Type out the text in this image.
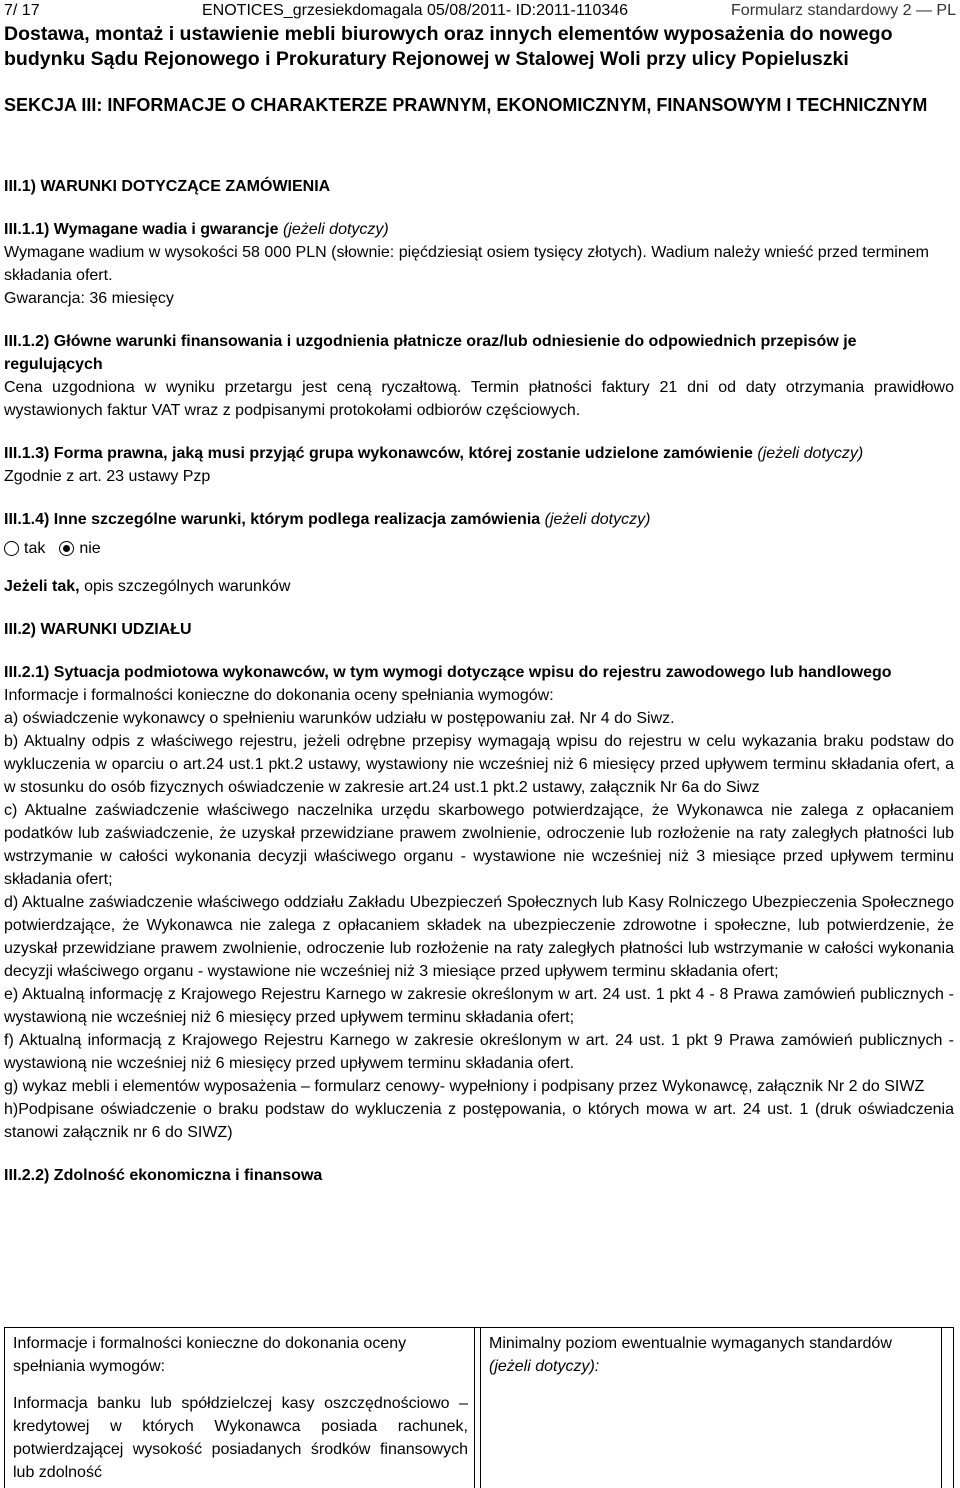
7/ 17	ENOTICES_grzesiekdomagala 05/08/2011- ID:2011-110346	Formularz standardowy 2 — PL
Dostawa, montaż i ustawienie mebli biurowych oraz innych elementów wyposażenia do nowego budynku Sądu Rejonowego i Prokuratury Rejonowej w Stalowej Woli przy ulicy Popieluszki
SEKCJA III: INFORMACJE O CHARAKTERZE PRAWNYM, EKONOMICZNYM, FINANSOWYM I TECHNICZNYM

III.1) WARUNKI DOTYCZĄCE ZAMÓWIENIA

III.1.1) Wymagane wadia i gwarancje (jeżeli dotyczy)

Wymagane wadium w wysokości 58 000 PLN (słownie: pięćdziesiąt osiem tysięcy złotych). Wadium należy wnieść przed terminem składania ofert.

Gwarancja: 36 miesięcy

III.1.2) Główne warunki finansowania i uzgodnienia płatnicze oraz/lub odniesienie do odpowiednich przepisów je regulujących

Cena uzgodniona w wyniku przetargu jest ceną ryczałtową. Termin płatności faktury 21 dni od daty otrzymania prawidłowo wystawionych faktur VAT wraz z podpisanymi protokołami odbiorów częściowych.

III.1.3) Forma prawna, jaką musi przyjąć grupa wykonawców, której zostanie udzielone zamówienie (jeżeli dotyczy)

Zgodnie z art. 23 ustawy Pzp

III.1.4) Inne szczególne warunki, którym podlega realizacja zamówienia (jeżeli dotyczy)

tak nie

Jeżeli tak, opis szczególnych warunków

III.2) WARUNKI UDZIAŁU

III.2.1) Sytuacja podmiotowa wykonawców, w tym wymogi dotyczące wpisu do rejestru zawodowego lub handlowego

Informacje i formalności konieczne do dokonania oceny spełniania wymogów:

a) oświadczenie wykonawcy o spełnieniu warunków udziału w postępowaniu zał. Nr 4 do Siwz.

b) Aktualny odpis z właściwego rejestru, jeżeli odrębne przepisy wymagają wpisu do rejestru w celu wykazania braku podstaw do wykluczenia w oparciu o art.24 ust.1 pkt.2 ustawy, wystawiony nie wcześniej niż 6 miesięcy przed upływem terminu składania ofert, a w stosunku do osób fizycznych oświadczenie w zakresie art.24 ust.1 pkt.2 ustawy, załącznik Nr 6a do Siwz

c) Aktualne zaświadczenie właściwego naczelnika urzędu skarbowego potwierdzające, że Wykonawca nie zalega z opłacaniem podatków lub zaświadczenie, że uzyskał przewidziane prawem zwolnienie, odroczenie lub rozłożenie na raty zaległych płatności lub wstrzymanie w całości wykonania decyzji właściwego organu - wystawione nie wcześniej niż 3 miesiące przed upływem terminu składania ofert;

d) Aktualne zaświadczenie właściwego oddziału Zakładu Ubezpieczeń Społecznych lub Kasy Rolniczego Ubezpieczenia Społecznego potwierdzające, że Wykonawca nie zalega z opłacaniem składek na ubezpieczenie zdrowotne i społeczne, lub potwierdzenie, że uzyskał przewidziane prawem zwolnienie, odroczenie lub rozłożenie na raty zaległych płatności lub wstrzymanie w całości wykonania decyzji właściwego organu - wystawione nie wcześniej niż 3 miesiące przed upływem terminu składania ofert;

e) Aktualną informację z Krajowego Rejestru Karnego w zakresie określonym w art. 24 ust. 1 pkt 4 - 8 Prawa zamówień publicznych - wystawioną nie wcześniej niż 6 miesięcy przed upływem terminu składania ofert;

f) Aktualną informacją z Krajowego Rejestru Karnego w zakresie określonym w art. 24 ust. 1 pkt 9 Prawa zamówień publicznych - wystawioną nie wcześniej niż 6 miesięcy przed upływem terminu składania ofert.

g) wykaz mebli i elementów wyposażenia – formularz cenowy- wypełniony i podpisany przez Wykonawcę, załącznik Nr 2 do SIWZ

h)Podpisane oświadczenie o braku podstaw do wykluczenia z postępowania, o których mowa w art. 24 ust. 1 (druk oświadczenia stanowi załącznik nr 6 do SIWZ)

III.2.2) Zdolność ekonomiczna i finansowa

Informacje i formalności konieczne do dokonania oceny spełniania wymogów:

Informacja banku lub spółdzielczej kasy oszczędnościowo – kredytowej w których Wykonawca posiada rachunek, potwierdzającej wysokość posiadanych środków finansowych lub zdolność

Minimalny poziom ewentualnie wymaganych standardów

(jeżeli dotyczy):
